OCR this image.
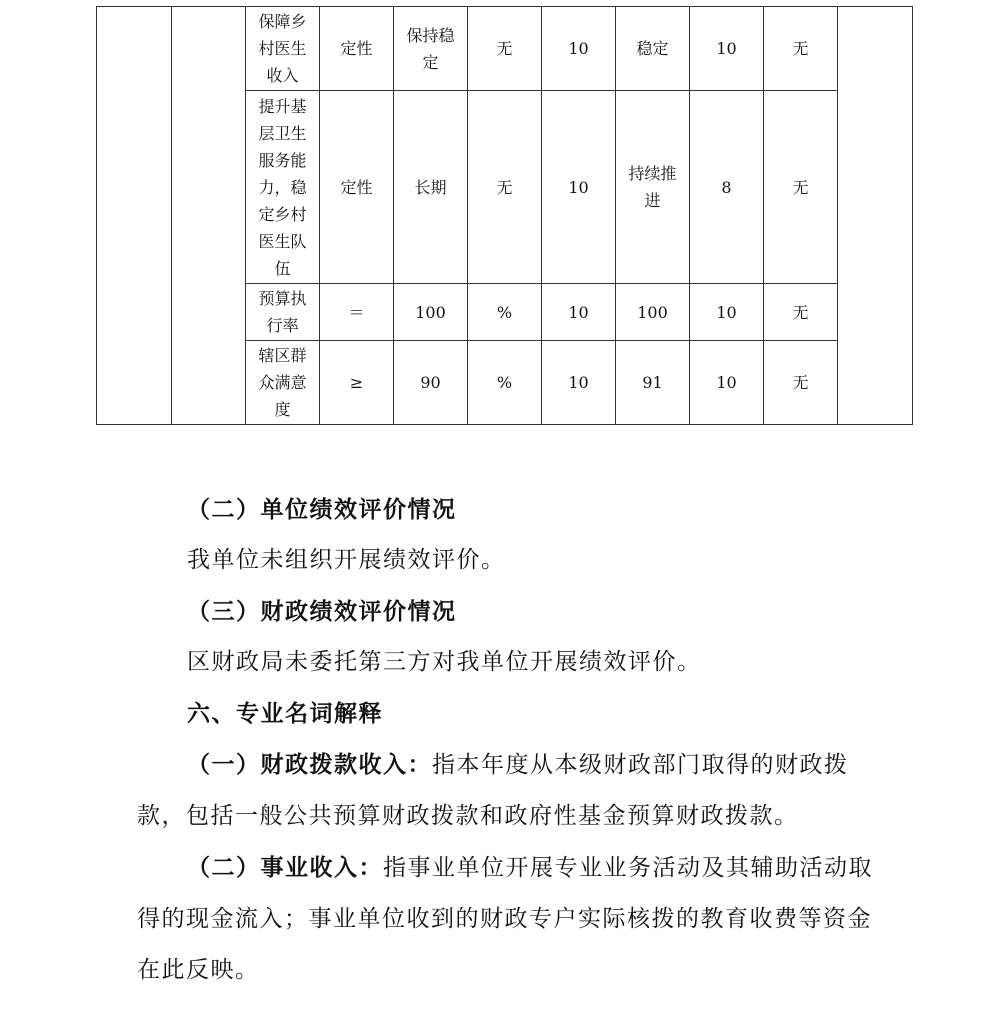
		保障乡村医生收入	定性	保持稳定	无	10	稳定	10	无	
		提升基层卫生服务能力，稳定乡村医生队伍	定性	长期	无	10	持续推进	8	无	
		预算执行率	＝	100	%	10	100	10	无	
		辖区群众满意度	≥	90	%	10	91	10	无	

（二）单位绩效评价情况

我单位未组织开展绩效评价。

（三）财政绩效评价情况

区财政局未委托第三方对我单位开展绩效评价。

六、专业名词解释

（一）财政拨款收入：指本年度从本级财政部门取得的财政拨款，包括一般公共预算财政拨款和政府性基金预算财政拨款。

（二）事业收入：指事业单位开展专业业务活动及其辅助活动取得的现金流入；事业单位收到的财政专户实际核拨的教育收费等资金在此反映。
